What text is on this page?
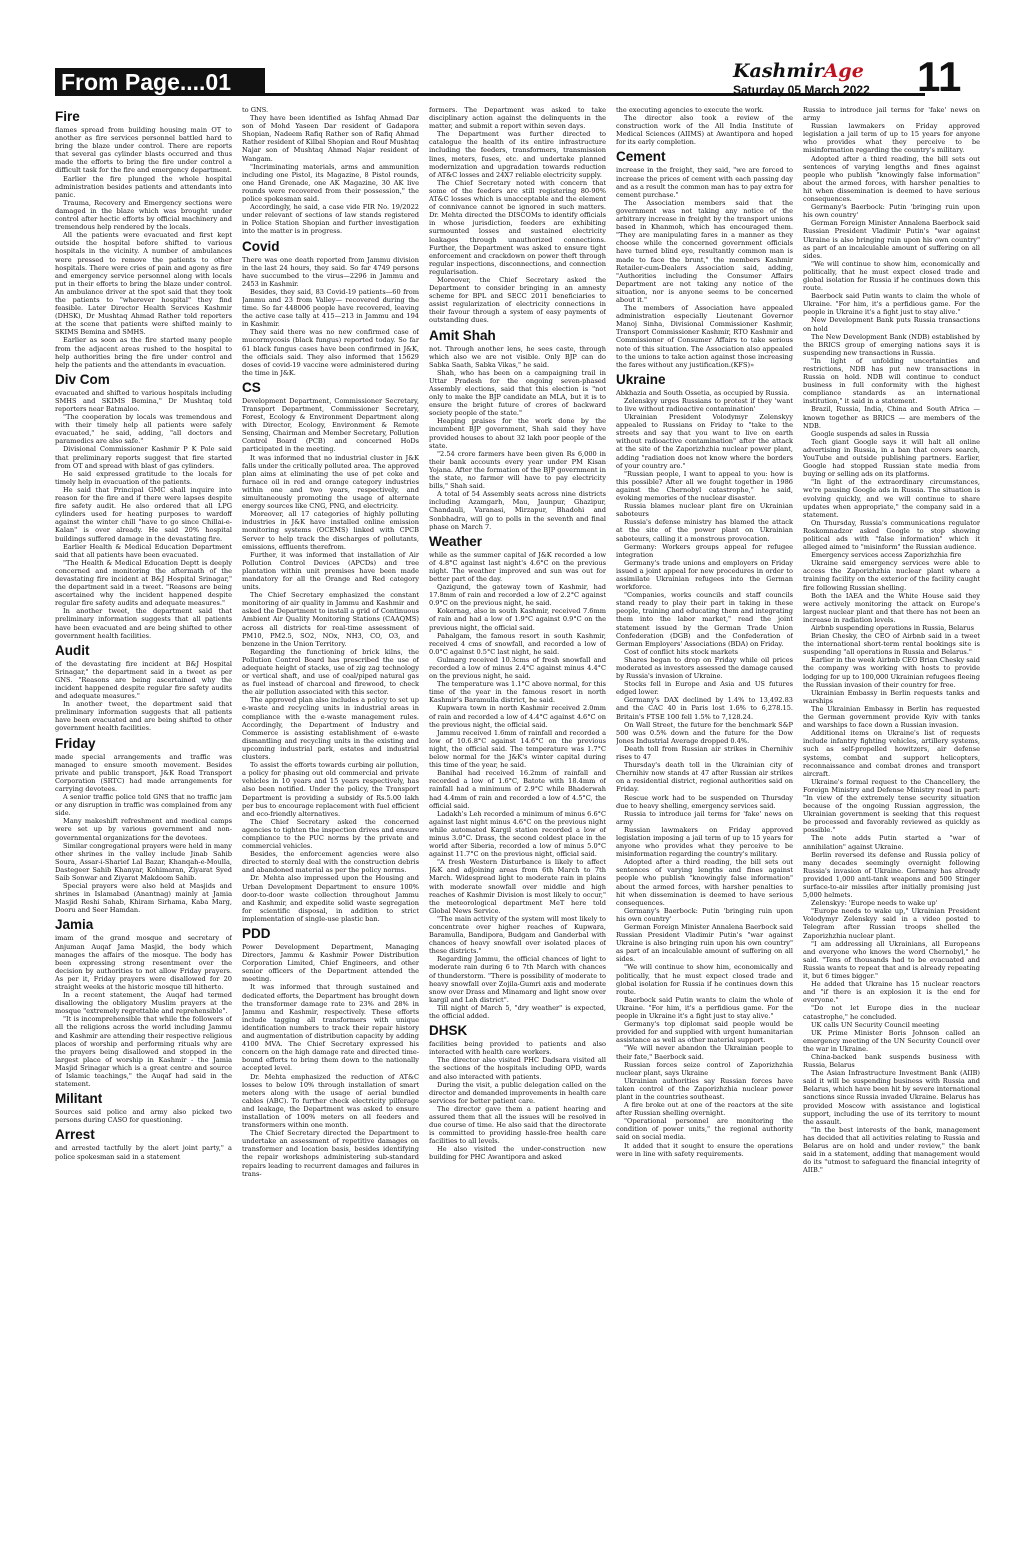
From Page....01	KashmirAge
Saturday 05 March 2022 11
Fire

flames spread from building housing main OT to another as fire services personnel battled hard to bring the blaze under control. There are reports that several gas cylinder blasts occurred and thus made the efforts to bring the fire under control a difficult task for the fire and emergency department.

Earlier the fire plunged the whole hospital administration besides patients and attendants into panic.

Trauma, Recovery and Emergency sections were damaged in the blaze which was brought under control after hectic efforts by official machinery and tremendous help rendered by the locals.

All the patients were evacuated and first kept outside the hospital before shifted to various hospitals in the vicinity. A number of ambulances were pressed to remove the patients to other hospitals. There were cries of pain and agony as fire and emergency service personnel along with locals put in their efforts to bring the blaze under control. An ambulance driver at the spot said that they took the patients to "wherever hospital" they find feasible. Later Director Health Services Kashmir (DHSK), Dr Mushtaq Ahmad Rather told reporters at the scene that patients were shifted mainly to SKIMS Bemina and SMHS.

Earlier as soon as the fire started many people from the adjacent areas rushed to the hospital to help authorities bring the fire under control and help the patients and the attendants in evacuation.

Div Com

evacuated and shifted to various hospitals including SMHS and SKIMS Bemina," Dr Mushtaq told reporters near Batmaloo.

"The cooperation by locals was tremendous and with their timely help all patients were safely evacuated," he said, adding, "all doctors and paramedics are also safe."

Divisional Commissioner Kashmir P K Pole said that preliminary reports suggest that fire started from OT and spread with blast of gas cylinders.

He said expressed gratitude to the locals for timely help in evacuation of the patients.

He said that Principal GMC shall inquire into reason for the fire and if there were lapses despite fire safety audit. He also ordered that all LPG cylinders used for heating purposes to wardoff against the winter chill "have to go since Chillai-e-Kalan" is over already. He said 20% hospital buildings suffered damage in the devastating fire.

Earlier Health & Medical Education Department said that all patients have been evacuated.

"The Health & Medical Education Deptt is deeply concerned and monitoring the aftermath of the devastating fire incident at B&J Hospital Srinagar," the department said in a tweet. "Reasons are being ascertained why the incident happened despite regular fire safety audits and adequate measures."

In another tweet, the department said that preliminary information suggests that all patients have been evacuated and are being shifted to other government health facilities.

Audit

of the devastating fire incident at B&J Hospital Srinagar," the department said in a tweet as per GNS. "Reasons are being ascertained why the incident happened despite regular fire safety audits and adequate measures."

In another tweet, the department said that preliminary information suggests that all patients have been evacuated and are being shifted to other government health facilities.

Friday

made special arrangements and traffic was managed to ensure smooth movement. Besides private and public transport, J&K Road Transport Corporation (SRTC) had made arrangements for carrying devotees.

A senior traffic police told GNS that no traffic jam or any disruption in traffic was complained from any side.

Many makeshift refreshment and medical camps were set up by various government and non-governmental organizations for the devotees.

Similar congregational prayers were held in many other shrines in the valley include Jinab Sahib Soura, Assar-i-Sharief Lal Bazar, Khanqah-e-Moulla, Dastegeer Sahib Khanyar, Kohimaran, Ziyarat Syed Saib Sonwar and Ziyarat Makdoom Sahib.

Special prayers were also held at Masjids and shrines in Islamabad (Anantnag) mainly at Jamia Masjid Reshi Sahab, Khiram Sirhama, Kaba Marg, Dooru and Seer Hamdan.

Jamia

imam of the grand mosque and secretary of Anjuman Auqaf Jama Masjid, the body which manages the affairs of the mosque. The body has been expressing strong resentment over the decision by authorities to not allow Friday prayers. As per it, Friday prayers were disallowed for 20 straight weeks at the historic mosque till hitherto.

In a recent statement, the Auqaf had termed disallowing the obligatory Muslim prayers at the mosque "extremely regrettable and reprehensible".

"It is incomprehensible that while the followers of all the religions across the world including Jammu and Kashmir are attending their respective religious places of worship and performing rituals why are the prayers being disallowed and stopped in the largest place of worship in Kashmir - the Jamia Masjid Srinagar which is a great centre and source of Islamic teachings," the Auqaf had said in the statement.

Militant

Sources said police and army also picked two persons during CASO for questioning.

Arrest

and arrested tactfully by the alert joint party," a police spokesman said in a statement

to GNS.

They have been identified as Ishfaq Ahmad Dar son of Mohd Yaseen Dar resident of Gadapora Shopian, Nadeem Rafiq Rather son of Rafiq Ahmad Rather resident of Kilbal Shopian and Rouf Mushtaq Najar son of Mushtaq Ahmad Najar resident of Wangam.

"Incriminating materials, arms and ammunition including one Pistol, its Magazine, 8 Pistol rounds, one Hand Grenade, one AK Magazine, 30 AK live rounds were recovered from their possession," the police spokesman said.

Accordingly, he said, a case vide FIR No. 19/2022 under relevant of sections of law stands registered in Police Station Shopian and further investigation into the matter is in progress.

Covid

There was one death reported from Jammu division in the last 24 hours, they said. So far 4749 persons have succumbed to the virus—2296 in Jammu and 2453 in Kashmir.

Besides, they said, 83 Covid-19 patients—60 from Jammu and 23 from Valley— recovered during the time. So far 448006 people have recovered, leaving the active case tally at 415—213 in Jammu and 194 in Kashmir.

They said there was no new confirmed case of mucormycosis (black fungus) reported today. So far 61 black fungus cases have been confirmed in J&K, the officials said. They also informed that 15629 doses of covid-19 vaccine were administered during the time in J&K.

CS

Development Department, Commissioner Secretary, Transport Department, Commissioner Secretary, Forest, Ecology & Environment Department along with Director, Ecology, Environment & Remote Sensing, Chairman and Member Secretary, Pollution Control Board (PCB) and concerned HoDs participated in the meeting.

It was informed that no industrial cluster in J&K falls under the critically polluted area. The approved plan aims at eliminating the use of pet coke and furnace oil in red and orange category industries within one and two years, respectively, and simultaneously promoting the usage of alternate energy sources like CNG, PNG, and electricity.

Moreover, all 17 categories of highly polluting industries in J&K have installed online emission monitoring systems (OCEMS) linked with CPCB Server to help track the discharges of pollutants, emissions, effluents therefrom.

Further, it was informed that installation of Air Pollution Control Devices (APCDs) and tree plantation within unit premises have been made mandatory for all the Orange and Red category units.

The Chief Secretary emphasized the constant monitoring of air quality in Jammu and Kashmir and asked the Department to install a grid of Continuous Ambient Air Quality Monitoring Stations (CAAQMS) across all districts for real-time assessment of PM10, PM2.5, SO2, NOx, NH3, CO, O3, and benzene in the Union Territory.

Regarding the functioning of brick kilns, the Pollution Control Board has prescribed the use of adequate height of stacks, use of zig zag technology or vertical shaft, and use of coal/piped natural gas as fuel instead of charcoal and firewood, to check the air pollution associated with this sector.

The approved plan also includes a policy to set up e-waste and recycling units in industrial areas in compliance with the e-waste management rules. Accordingly, the Department of Industry and Commerce is assisting establishment of e-waste dismantling and recycling units in the existing and upcoming industrial park, estates and industrial clusters.

To assist the efforts towards curbing air pollution, a policy for phasing out old commercial and private vehicles in 10 years and 15 years respectively, has also been notified. Under the policy, the Transport Department is providing a subsidy of Rs.5.00 lakh per bus to encourage replacement with fuel efficient and eco-friendly alternatives.

The Chief Secretary asked the concerned agencies to tighten the inspection drives and ensure compliance to the PUC norms by the private and commercial vehicles.

Besides, the enforcement agencies were also directed to sternly deal with the construction debris and abandoned material as per the policy norms.

Dr. Mehta also impressed upon the Housing and Urban Development Department to ensure 100% door-to-door waste collection throughout Jammu and Kashmir, and expedite solid waste segregation for scientific disposal, in addition to strict implementation of single-use plastic ban.

PDD

Power Development Department, Managing Directors, Jammu & Kashmir Power Distribution Corporation Limited, Chief Engineers, and other senior officers of the Department attended the meeting.

It was informed that through sustained and dedicated efforts, the Department has brought down the transformer damage rate to 23% and 28% in Jammu and Kashmir, respectively. These efforts include tagging all transformers with unique identification numbers to track their repair history and augmentation of distribution capacity by adding 4100 MVA. The Chief Secretary expressed his concern on the high damage rate and directed time-bound efforts to bring them down to the nationally accepted level.

Dr. Mehta emphasized the reduction of AT&C losses to below 10% through installation of smart meters along with the usage of aerial bundled cables (ABC). To further check electricity pilferage and leakage, the Department was asked to ensure installation of 100% meters on all feeders and transformers within one month.

The Chief Secretary directed the Department to undertake an assessment of repetitive damages on transformer and location basis, besides identifying the repair workshops administering sub-standard repairs leading to recurrent damages and failures in trans-

formers. The Department was asked to take disciplinary action against the delinquents in the matter, and submit a report within seven days.

The Department was further directed to catalogue the health of its entire infrastructure including the feeders, transformers, transmission lines, meters, fuses, etc. and undertake planned modernization and upgradation towards reduction of AT&C losses and 24X7 reliable electricity supply.

The Chief Secretary noted with concern that some of the feeders are still registering 80-90% AT&C losses which is unacceptable and the element of connivance cannot be ignored in such matters. Dr. Mehta directed the DISCOMs to identify officials in whose jurisdiction, feeders are exhibiting surmounted losses and sustained electricity leakages through unauthorized connections. Further, the Department was asked to ensure tight enforcement and crackdown on power theft through regular inspections, disconnections, and connection regularisation.

Moreover, the Chief Secretary asked the Department to consider bringing in an amnesty scheme for BPL and SECC 2011 beneficiaries to assist regularization of electricity connections in their favour through a system of easy payments of outstanding dues.

Amit Shah

not. Through another lens, he sees caste, through which also we are not visible. Only BJP can do Sabka Saath, Sabka Vikas," he said.

Shah, who has been on a campaigning trail in Uttar Pradesh for the ongoing seven-phased Assembly elections, said that this election is "not only to make the BJP candidate an MLA, but it is to ensure the bright future of crores of backward society people of the state."

Heaping praises for the work done by the incumbent BJP government, Shah said they have provided houses to about 32 lakh poor people of the state.

"2.54 crore farmers have been given Rs 6,000 in their bank accounts every year under PM Kisan Yojana. After the formation of the BJP government in the state, no farmer will have to pay electricity bills," Shah said.

A total of 54 Assembly seats across nine districts including Azamgarh, Mau, Jaunpur, Ghazipur, Chandauli, Varanasi, Mirzapur, Bhadohi and Sonbhadra, will go to polls in the seventh and final phase on March 7.

Weather

while as the summer capital of J&K recorded a low of 4.8°C against last night's 4.6°C on the previous night. The weather improved and sun was out for better part of the day.

Qazigund, the gateway town of Kashmir, had 17.8mm of rain and recorded a low of 2.2°C against 0.9°C on the previous night, he said.

Kokernag, also in south Kashmir, received 7.6mm of rain and had a low of 1.9°C against 0.9°C on the previous night, the official said.

Pahalgam, the famous resort in south Kashmir, received 4 cms of snowfall, and recorded a low of 0.0°C against 0.5°C last night, he said.

Gulmarg received 10.3cms of fresh snowfall and recorded a low of minus 2.4°C against minus 4.4°C on the previous night, he said.

The temperature was 1.1°C above normal, for this time of the year in the famous resort in north Kashmir's Baramulla district, he said.

Kupwara town in north Kashmir received 2.0mm of rain and recorded a low of 4.4°C against 4.6°C on the previous night, the official said.

Jammu received 1.6mm of rainfall and recorded a low of 10.6.8°C against 14.6°C on the previous night, the official said. The temperature was 1.7°C below normal for the J&K's winter capital during this time of the year, he said.

Banihal had received 16.2mm of rainfall and recorded a low of 1.6°C, Batote with 18.4mm of rainfall had a minimum of 2.9°C while Bhaderwah had 4.4mm of rain and recorded a low of 4.5°C, the official said.

Ladakh's Leh recorded a minimum of minus 6.6°C against last night minus 4.6°C on the previous night while automated Kargil station recorded a low of minus 3.0°C. Drass, the second coldest place in the world after Siberia, recorded a low of minus 5.0°C against 11.7°C on the previous night, official said.

"A fresh Western Disturbance is likely to affect J&K and adjoining areas from 6th March to 7th March. Widespread light to moderate rain in plains with moderate snowfall over middle and high reaches of Kashmir Division is most likely to occur," the meteorological department MeT here told Global News Service.

"The main activity of the system will most likely to concentrate over higher reaches of Kupwara, Baramulla, Bandipora, Budgam and Ganderbal with chances of heavy snowfall over isolated places of these districts."

Regarding Jammu, the official chances of light to moderate rain during 6 to 7th March with chances of thunderstorm. "There is possibility of moderate to heavy snowfall over Zojila-Gumri axis and moderate snow over Drass and Minamarg and light snow over kargil and Leh district".

Till night of March 5, "dry weather" is expected, the official added.

DHSK

facilities being provided to patients and also interacted with health care workers.

The director also visited PHC Dadsara visited all the sections of the hospitals including OPD, wards and also interacted with patients.

During the visit, a public delegation called on the director and demanded improvements in health care services for better patient care.

The director gave them a patient hearing and assured them that all the issues will be resolved in due course of time. He also said that the directorate is committed to providing hassle-free health care facilities to all levels.

He also visited the under-construction new building for PHC Awantipora and asked

the executing agencies to execute the work.

The director also took a review of the construction work of the All India Institute of Medical Sciences (AIIMS) at Awantipora and hoped for its early completion.

Cement

increase in the freight, they said, "we are forced to increase the prices of cement with each passing day and as a result the common man has to pay extra for cement purchase."

The Association members said that the government was not taking any notice of the arbitrary increase in freight by the transport unions based in Khanmoh, which has encouraged them. "They are manipulating fares in a manner as they choose while the concerned government officials have turned blind eye, resultantly common man is made to face the brunt," the members Kashmir Retailer-cum-Dealers Association said, adding, "Authorities including the Consumer Affairs Department are not taking any notice of the situation, nor is anyone seems to be concerned about it."

The members of Association have appealed administration especially Lieutenant Governor Manoj Sinha, Divisional Commissioner Kashmir, Transport Commissioner Kashmir, RTO Kashmir and Commissioner of Consumer Affairs to take serious note of this situation. The Association also appealed to the unions to take action against those increasing the fares without any justification.(KFS)»

Ukraine

Abkhazia and South Ossetia, as occupied by Russia.

Zelenskyy urges Russians to protest if they 'want to live without radioactive contamination'

Ukrainian President Volodymyr Zelenskyy appealed to Russians on Friday to "take to the streets and say that you want to live on earth without radioactive contamination" after the attack at the site of the Zaporizhzhia nuclear power plant, adding "radiation does not know where the borders of your country are."

"Russian people, I want to appeal to you: how is this possible? After all we fought together in 1986 against the Chernobyl catastrophe," he said, evoking memories of the nuclear disaster.

Russia blames nuclear plant fire on Ukrainian saboteurs

Russia's defense ministry has blamed the attack at the site of the power plant on Ukrainian saboteurs, calling it a monstrous provocation.

Germany: Workers groups appeal for refugee integration

Germany's trade unions and employers on Friday issued a joint appeal for new procedures in order to assimilate Ukrainian refugees into the German workforce.

"Companies, works councils and staff councils stand ready to play their part in taking in these people, training and educating them and integrating them into the labor market," read the joint statement issued by the German Trade Union Confederation (DGB) and the Confederation of German Employers' Associations (BDA) on Friday.

Cost of conflict hits stock markets

Shares began to drop on Friday while oil prices moderated as investors assessed the damage caused by Russia's invasion of Ukraine.

Stocks fell in Europe and Asia and US futures edged lower.

Germany's DAX declined by 1.4% to 13,492.83 and the CAC 40 in Paris lost 1.6% to 6,278.15. Britain's FTSE 100 fell 1.5% to 7,128.24.

On Wall Street, the future for the benchmark S&P 500 was 0.5% down and the future for the Dow Jones Industrial Average dropped 0.4%.

Death toll from Russian air strikes in Chernihiv rises to 47

Thursday's death toll in the Ukrainian city of Chernihiv now stands at 47 after Russian air strikes on a residential district, regional authorities said on Friday.

Rescue work had to be suspended on Thursday due to heavy shelling, emergency services said.

Russia to introduce jail terms for 'fake' news on army

Russian lawmakers on Friday approved legislation imposing a jail term of up to 15 years for anyone who provides what they perceive to be misinformation regarding the country's military.

Adopted after a third reading, the bill sets out sentences of varying lengths and fines against people who publish "knowingly false information" about the armed forces, with harsher penalties to hit when dissemination is deemed to have serious consequences.

Germany's Baerbock: Putin 'bringing ruin upon his own country'

German Foreign Minister Annalena Baerbock said Russian President Vladimir Putin's "war against Ukraine is also bringing ruin upon his own country" as part of an incalculable amount of suffering on all sides.

"We will continue to show him, economically and politically, that he must expect closed trade and global isolation for Russia if he continues down this route.

Baerbock said Putin wants to claim the whole of Ukraine. "For him, it's a perfidious game. For the people in Ukraine it's a fight just to stay alive."

Germany's top diplomat said people would be provided for and supplied with urgent humanitarian assistance as well as other material support.

"We will never abandon the Ukrainian people to their fate," Baerbock said.

Russian forces seize control of Zaporizhzhia nuclear plant, says Ukraine

Ukrainian authorities say Russian forces have taken control of the Zaporizhzhia nuclear power plant in the countries southeast.

A fire broke out at one of the reactors at the site after Russian shelling overnight.

"Operational personnel are monitoring the condition of power units," the regional authority said on social media.

It added that it sought to ensure the operations were in line with safety requirements.

Russia to introduce jail terms for 'fake' news on army

Russian lawmakers on Friday approved legislation a jail term of up to 15 years for anyone who provides what they perceive to be misinformation regarding the country's military.

Adopted after a third reading, the bill sets out sentences of varying lengths and fines against people who publish "knowingly false information" about the armed forces, with harsher penalties to hit when dissemination is deemed to have serious consequences.

Germany's Baerbock: Putin 'bringing ruin upon his own country'

German Foreign Minister Annalena Baerbock said Russian President Vladimir Putin's "war against Ukraine is also bringing ruin upon his own country" as part of an incalculable amount of suffering on all sides.

"We will continue to show him, economically and politically, that he must expect closed trade and global isolation for Russia if he continues down this route.

Baerbock said Putin wants to claim the whole of Ukraine. "For him, it's a perfidious game. For the people in Ukraine it's a fight just to stay alive."

New Development Bank puts Russia transactions on hold

The New Development Bank (NDB) established by the BRICS group of emerging nations says it is suspending new transactions in Russia.

"In light of unfolding uncertainties and restrictions, NDB has put new transactions in Russia on hold. NDB will continue to conduct business in full conformity with the highest compliance standards as an international institution," it said in a statement.

Brazil, Russia, India, China and South Africa — known together as BRICS — are members of the NDB.

Google suspends ad sales in Russia

Tech giant Google says it will halt all online advertising in Russia, in a ban that covers search, YouTube and outside publishing partners. Earlier, Google had stopped Russian state media from buying or selling ads on its platforms.

"In light of the extraordinary circumstances, we're pausing Google ads in Russia. The situation is evolving quickly, and we will continue to share updates when appropriate," the company said in a statement.

On Thursday, Russia's communications regulator Roskomnadzor asked Google to stop showing political ads with "false information" which it alleged aimed to "misinform" the Russian audience.

Emergency services access Zaporizhzhia fire

Ukraine said emergency services were able to access the Zaporizhzhia nuclear plant where a training facility on the exterior of the facility caught fire following Russian shelling.

Both the IAEA and the White House said they were actively monitoring the attack on Europe's largest nuclear plant and that there has not been an increase in radiation levels.

Airbnb suspending operations in Russia, Belarus

Brian Chesky, the CEO of Airbnb said in a tweet the international short-term rental bookings site is suspending "all operations in Russia and Belarus."

Earlier in the week Airbnb CEO Brian Chesky said the company was working with hosts to provide lodging for up to 100,000 Ukrainian refugees fleeing the Russian invasion of their country for free.

Ukrainian Embassy in Berlin requests tanks and warships

The Ukrainian Embassy in Berlin has requested the German government provide Kyiv with tanks and warships to face down a Russian invasion.

Additional items on Ukraine's list of requests include infantry fighting vehicles, artillery systems, such as self-propelled howitzers, air defense systems, combat and support helicopters, reconnaissance and combat drones and transport aircraft.

Ukraine's formal request to the Chancellery, the Foreign Ministry and Defense Ministry read in part: "In view of the extremely tense security situation because of the ongoing Russian aggression, the Ukrainian government is seeking that this request be processed and favorably reviewed as quickly as possible."

The note adds Putin started a "war of annihilation" against Ukraine.

Berlin reversed its defense and Russia policy of many decades seemingly overnight following Russia's invasion of Ukraine. Germany has already provided 1,000 anti-tank weapons and 500 Stinger surface-to-air missiles after initially promising just 5,000 helmets.

Zelenskyy: 'Europe needs to wake up'

"Europe needs to wake up," Ukrainian President Volodymyr Zelenskyy said in a video posted to Telegram after Russian troops shelled the Zaporizhzhia nuclear plant.

"I am addressing all Ukrainians, all Europeans and everyone who knows the word Chernobyl," he said. "Tens of thousands had to be evacuated and Russia wants to repeat that and is already repeating it, but 6 times bigger."

He added that Ukraine has 15 nuclear reactors and "if there is an explosion it is the end for everyone."

"Do not let Europe dies in the nuclear catastrophe," he concluded.

UK calls UN Security Council meeting

UK Prime Minister Boris Johnson called an emergency meeting of the UN Security Council over the war in Ukraine.

China-backed bank suspends business with Russia, Belarus

The Asian Infrastructure Investment Bank (AIIB) said it will be suspending business with Russia and Belarus, which have been hit by severe international sanctions since Russia invaded Ukraine. Belarus has provided Moscow with assistance and logistical support, including the use of its territory to mount the assault.

"In the best interests of the bank, management has decided that all activities relating to Russia and Belarus are on hold and under review," the bank said in a statement, adding that management would do its "utmost to safeguard the financial integrity of AIIB."
